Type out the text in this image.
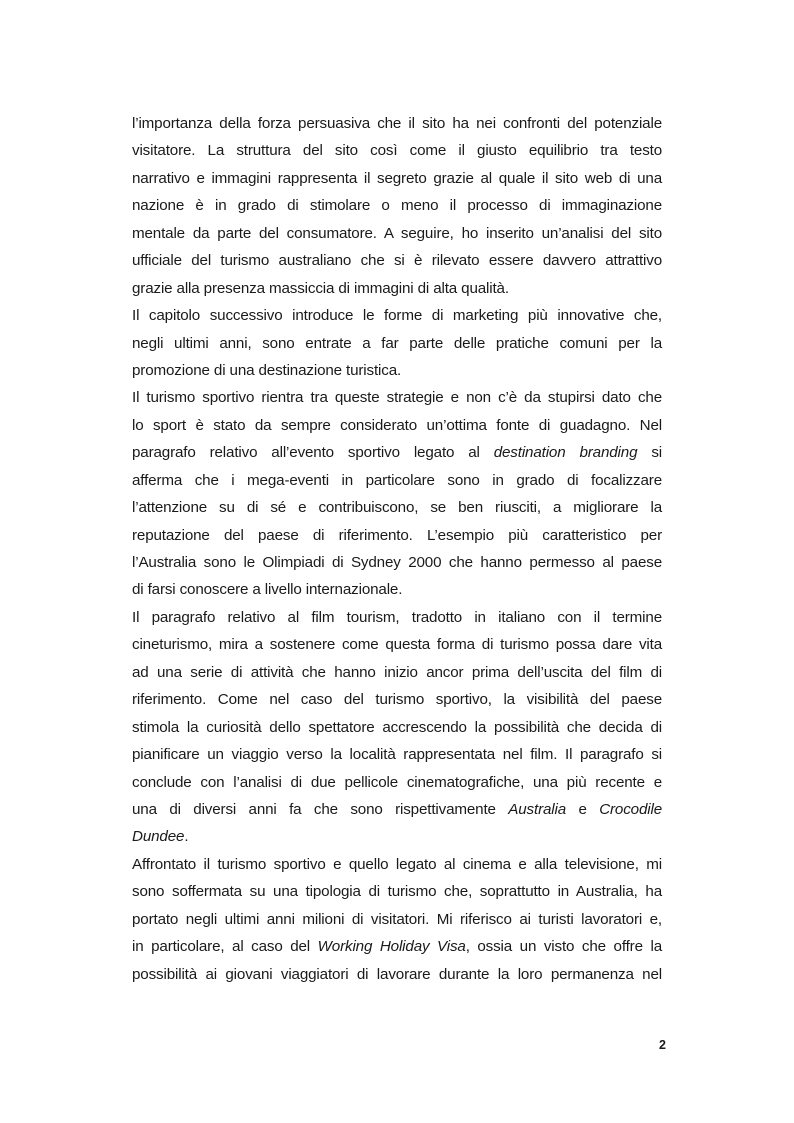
l’importanza della forza persuasiva che il sito ha nei confronti del potenziale
visitatore. La struttura del sito così come il giusto equilibrio tra testo
narrativo e immagini rappresenta il segreto grazie al quale il sito web di una
nazione è in grado di stimolare o meno il processo di immaginazione
mentale da parte del consumatore. A seguire, ho inserito un’analisi del sito
ufficiale del turismo australiano che si è rilevato essere davvero attrattivo
grazie alla presenza massiccia di immagini di alta qualità.
Il capitolo successivo introduce le forme di marketing più innovative che,
negli ultimi anni, sono entrate a far parte delle pratiche comuni per la
promozione di una destinazione turistica.
Il turismo sportivo rientra tra queste strategie e non c’è da stupirsi dato che
lo sport è stato da sempre considerato un’ottima fonte di guadagno. Nel
paragrafo relativo all’evento sportivo legato al destination branding si
afferma che i mega-eventi in particolare sono in grado di focalizzare
l’attenzione su di sé e contribuiscono, se ben riusciti, a migliorare la
reputazione del paese di riferimento. L’esempio più caratteristico per
l’Australia sono le Olimpiadi di Sydney 2000 che hanno permesso al paese
di farsi conoscere a livello internazionale.
Il paragrafo relativo al film tourism, tradotto in italiano con il termine
cineturismo, mira a sostenere come questa forma di turismo possa dare vita
ad una serie di attività che hanno inizio ancor prima dell’uscita del film di
riferimento. Come nel caso del turismo sportivo, la visibilità del paese
stimola la curiosità dello spettatore accrescendo la possibilità che decida di
pianificare un viaggio verso la località rappresentata nel film. Il paragrafo si
conclude con l’analisi di due pellicole cinematografiche, una più recente e
una di diversi anni fa che sono rispettivamente Australia e Crocodile
Dundee.
Affrontato il turismo sportivo e quello legato al cinema e alla televisione, mi
sono soffermata su una tipologia di turismo che, soprattutto in Australia, ha
portato negli ultimi anni milioni di visitatori. Mi riferisco ai turisti lavoratori e,
in particolare, al caso del Working Holiday Visa, ossia un visto che offre la
possibilità ai giovani viaggiatori di lavorare durante la loro permanenza nel
2
